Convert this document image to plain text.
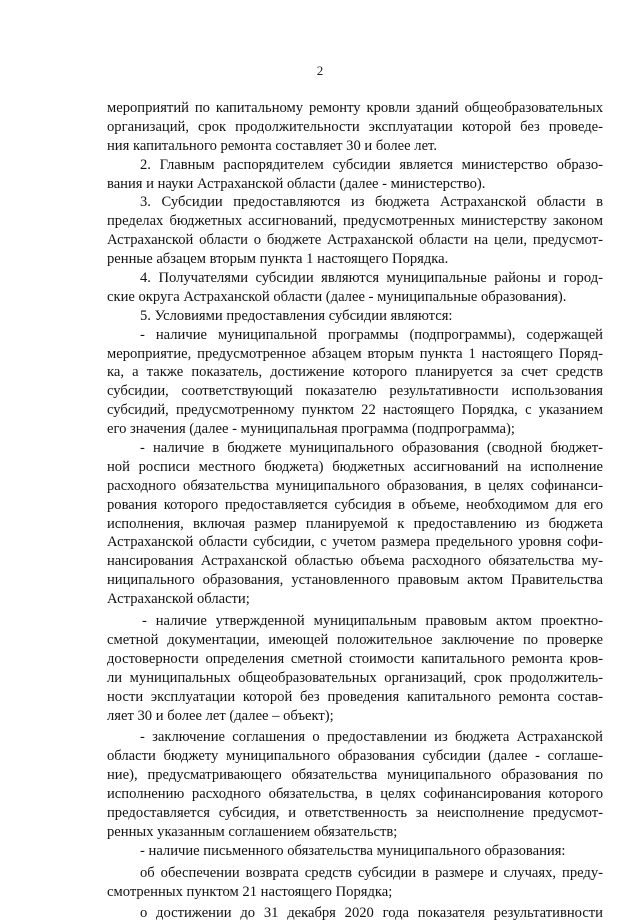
2
мероприятий по капитальному ремонту кровли зданий общеобразовательных
организаций, срок продолжительности эксплуатации которой без проведе-
ния капитального ремонта составляет 30 и более лет.
2. Главным распорядителем субсидии является министерство образо-
вания и науки Астраханской области (далее - министерство).
3. Субсидии предоставляются из бюджета Астраханской области в
пределах бюджетных ассигнований, предусмотренных министерству законом
Астраханской области о бюджете Астраханской области на цели, предусмот-
ренные абзацем вторым пункта 1 настоящего Порядка.
4. Получателями субсидии являются муниципальные районы и город-
ские округа Астраханской области (далее - муниципальные образования).
5. Условиями предоставления субсидии являются:
- наличие муниципальной программы (подпрограммы), содержащей
мероприятие, предусмотренное абзацем вторым пункта 1 настоящего Поряд-
ка, а также показатель, достижение которого планируется за счет средств
субсидии, соответствующий показателю результативности использования
субсидий, предусмотренному пунктом 22 настоящего Порядка, с указанием
его значения (далее - муниципальная программа (подпрограмма);
- наличие в бюджете муниципального образования (сводной бюджет-
ной росписи местного бюджета) бюджетных ассигнований на исполнение
расходного обязательства муниципального образования, в целях софинанси-
рования которого предоставляется субсидия в объеме, необходимом для его
исполнения, включая размер планируемой к предоставлению из бюджета
Астраханской области субсидии, с учетом размера предельного уровня софи-
нансирования Астраханской областью объема расходного обязательства му-
ниципального образования, установленного правовым актом Правительства
Астраханской области;
- наличие утвержденной муниципальным правовым актом проектно-
сметной документации, имеющей положительное заключение по проверке
достоверности определения сметной стоимости капитального ремонта кров-
ли муниципальных общеобразовательных организаций, срок продолжитель-
ности эксплуатации которой без проведения капитального ремонта состав-
ляет 30 и более лет (далее – объект);
- заключение соглашения о предоставлении из бюджета Астраханской
области бюджету муниципального образования субсидии (далее - соглаше-
ние), предусматривающего обязательства муниципального образования по
исполнению расходного обязательства, в целях софинансирования которого
предоставляется субсидия, и ответственность за неисполнение предусмот-
ренных указанным соглашением обязательств;
- наличие письменного обязательства муниципального образования:
об обеспечении возврата средств субсидии в размере и случаях, преду-
смотренных пунктом 21 настоящего Порядка;
о достижении до 31 декабря 2020 года показателя результативности
